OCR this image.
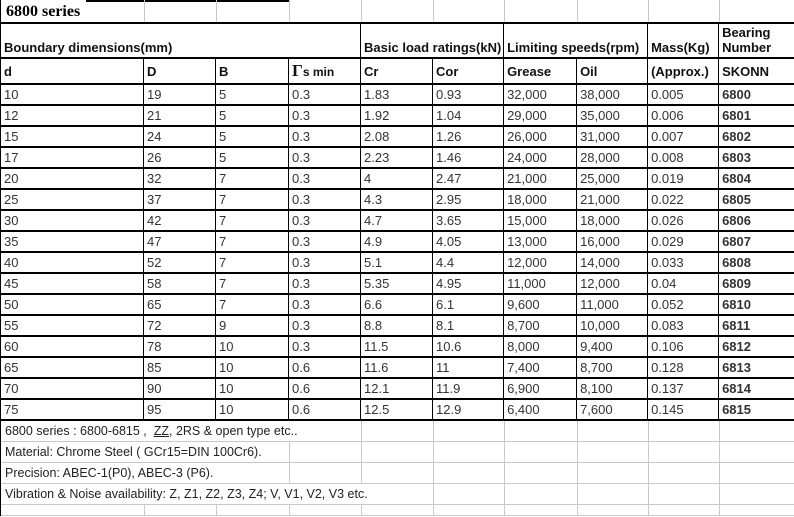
6800 series
Boundary dimensions(mm)				Basic load ratings(kN)		Limiting speeds(rpm)		Mass(Kg)	Bearing Number
d	D	B	Γs min	Cr	Cor	Grease	Oil	(Approx.)	SKONN
10	19	5	0.3	1.83	0.93	32,000	38,000	0.005	6800
12	21	5	0.3	1.92	1.04	29,000	35,000	0.006	6801
15	24	5	0.3	2.08	1.26	26,000	31,000	0.007	6802
17	26	5	0.3	2.23	1.46	24,000	28,000	0.008	6803
20	32	7	0.3	4	2.47	21,000	25,000	0.019	6804
25	37	7	0.3	4.3	2.95	18,000	21,000	0.022	6805
30	42	7	0.3	4.7	3.65	15,000	18,000	0.026	6806
35	47	7	0.3	4.9	4.05	13,000	16,000	0.029	6807
40	52	7	0.3	5.1	4.4	12,000	14,000	0.033	6808
45	58	7	0.3	5.35	4.95	11,000	12,000	0.04	6809
50	65	7	0.3	6.6	6.1	9,600	11,000	0.052	6810
55	72	9	0.3	8.8	8.1	8,700	10,000	0.083	6811
60	78	10	0.3	11.5	10.6	8,000	9,400	0.106	6812
65	85	10	0.6	11.6	11	7,400	8,700	0.128	6813
70	90	10	0.6	12.1	11.9	6,900	8,100	0.137	6814
75	95	10	0.6	12.5	12.9	6,400	7,600	0.145	6815
6800 series : 6800-6815 ,  ZZ, 2RS & open type etc..
Material: Chrome Steel ( GCr15=DIN 100Cr6).
Precision: ABEC-1(P0), ABEC-3 (P6).
Vibration & Noise availability: Z, Z1, Z2, Z3, Z4; V, V1, V2, V3 etc.
